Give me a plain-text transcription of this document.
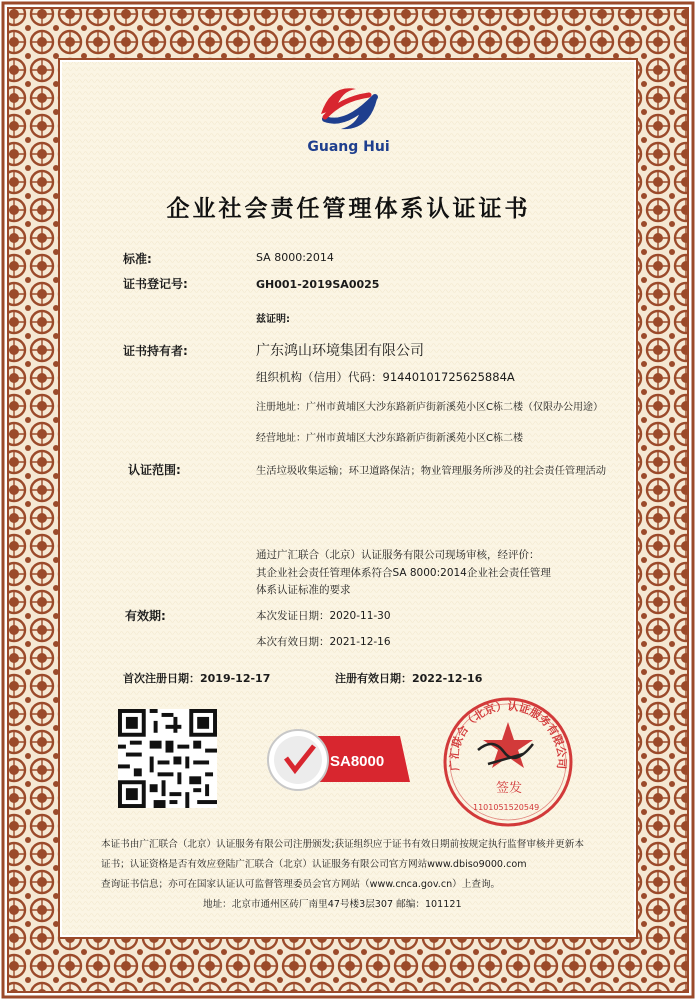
Guang Hui
企业社会责任管理体系认证证书
标准:	SA 8000:2014
证书登记号:	GH001-2019SA0025
兹证明:
证书持有者:	广东鸿山环境集团有限公司
组织机构（信用）代码：91440101725625884A
注册地址：广州市黄埔区大沙东路新庐街新溪苑小区C栋二楼（仅限办公用途）
经营地址：广州市黄埔区大沙东路新庐街新溪苑小区C栋二楼
认证范围:	生活垃圾收集运输；环卫道路保洁；物业管理服务所涉及的社会责任管理活动
通过广汇联合（北京）认证服务有限公司现场审核，经评价：
其企业社会责任管理体系符合SA 8000:2014企业社会责任管理
体系认证标准的要求
有效期:	本次发证日期：2020-11-30
本次有效日期：2021-12-16
首次注册日期：2019-12-17	注册有效日期：2022-12-16
SA8000	广汇联合（北京）认证服务有限公司
签发
1101051520549
本证书由广汇联合（北京）认证服务有限公司注册颁发;获证组织应于证书有效日期前按规定执行监督审核并更新本
证书；认证资格是否有效应登陆广汇联合（北京）认证服务有限公司官方网站www.dbiso9000.com
查询证书信息；亦可在国家认证认可监督管理委员会官方网站（www.cnca.gov.cn）上查询。
地址：北京市通州区砖厂南里47号楼3层307 邮编：101121
